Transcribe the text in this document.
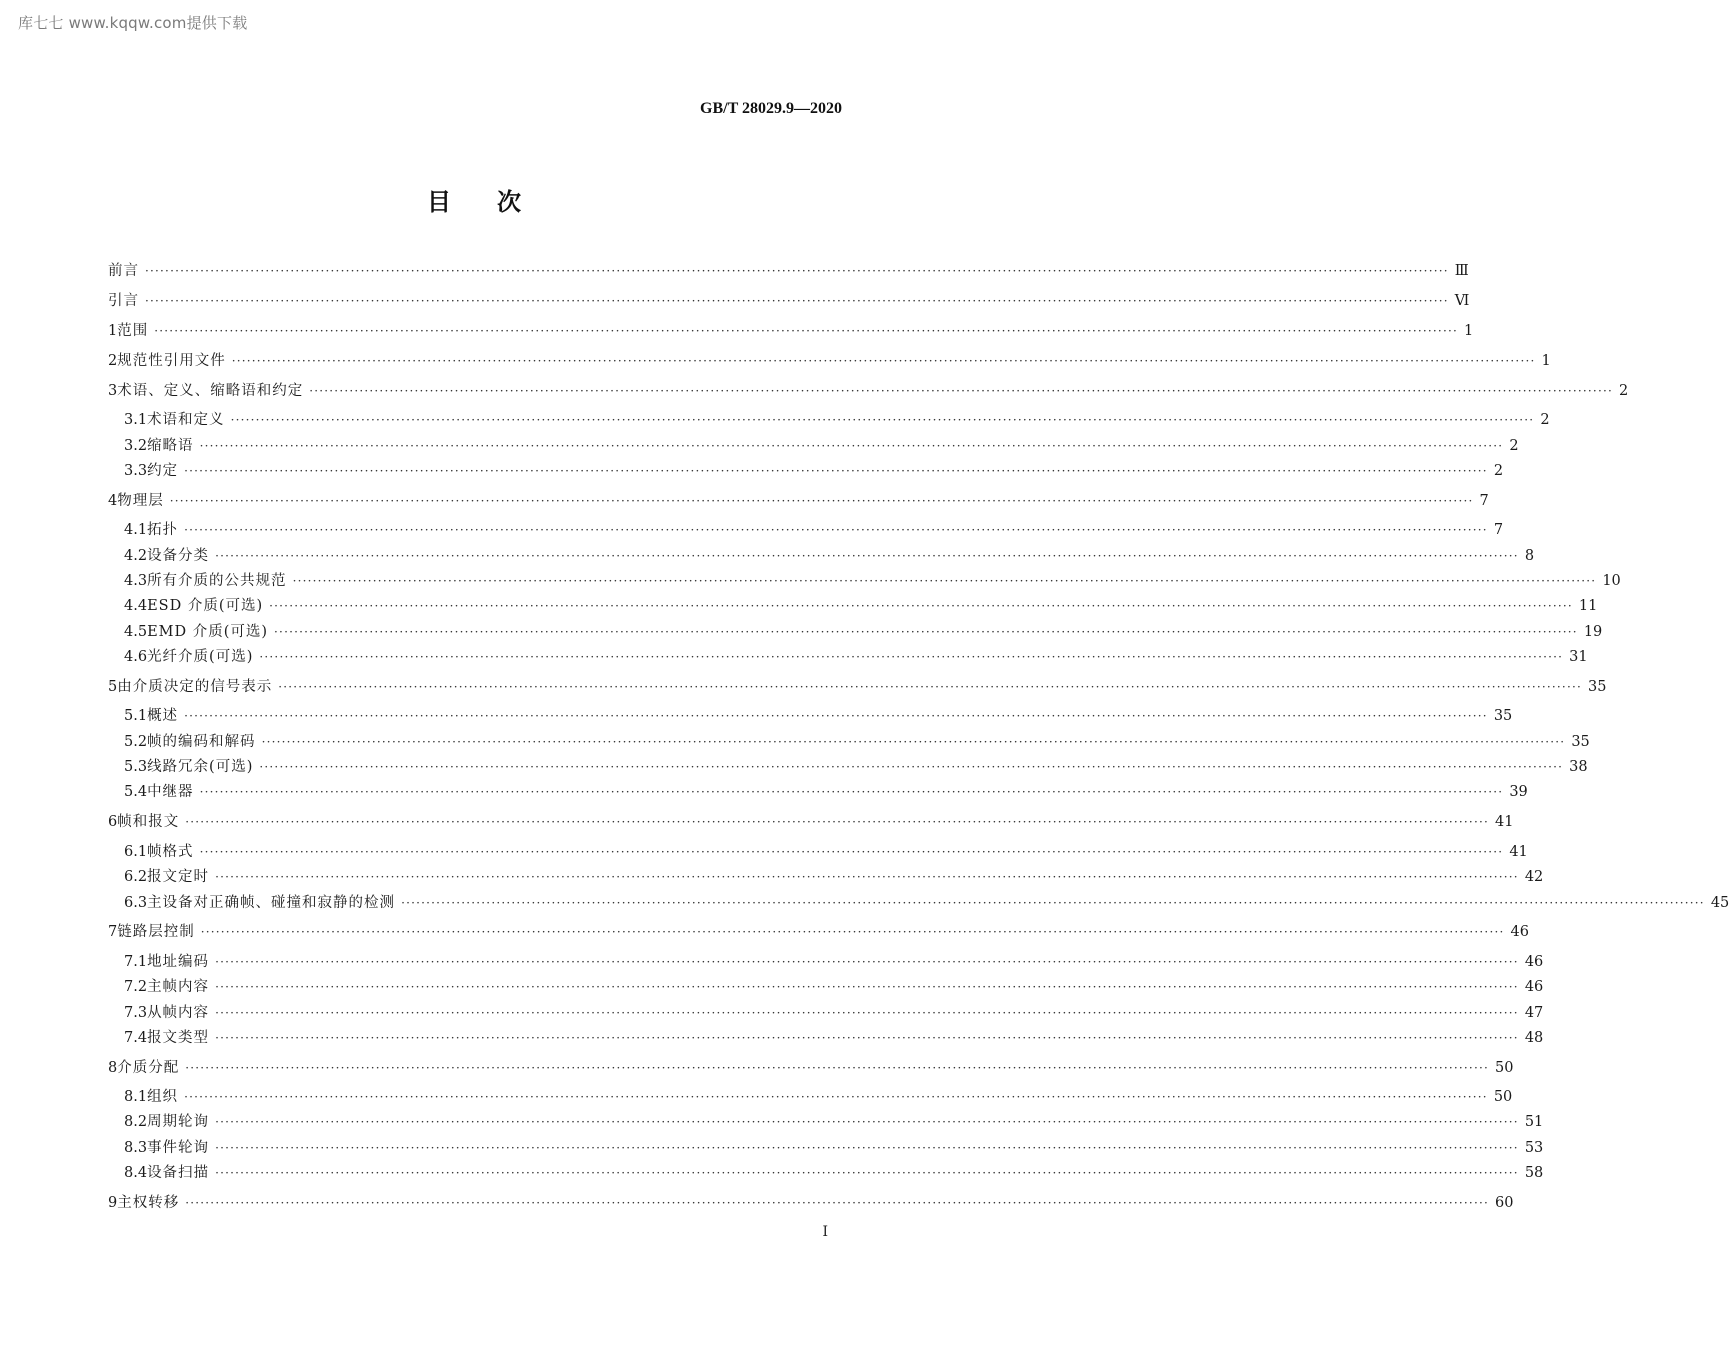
库七七 www.kqqw.com提供下载
GB/T 28029.9—2020
目 次
前言 ···································································································································································································································································· Ⅲ
引言 ···································································································································································································································································· Ⅵ
1 范围 ···································································································································································································································································· 1
2 规范性引用文件 ···································································································································································································································································· 1
3 术语、定义、缩略语和约定 ···································································································································································································································································· 2
3.1 术语和定义 ···································································································································································································································································· 2
3.2 缩略语 ···································································································································································································································································· 2
3.3 约定 ···································································································································································································································································· 2
4 物理层 ···································································································································································································································································· 7
4.1 拓扑 ···································································································································································································································································· 7
4.2 设备分类 ···································································································································································································································································· 8
4.3 所有介质的公共规范 ···································································································································································································································································· 10
4.4 ESD 介质(可选) ···································································································································································································································································· 11
4.5 EMD 介质(可选) ···································································································································································································································································· 19
4.6 光纤介质(可选) ···································································································································································································································································· 31
5 由介质决定的信号表示 ···································································································································································································································································· 35
5.1 概述 ···································································································································································································································································· 35
5.2 帧的编码和解码 ···································································································································································································································································· 35
5.3 线路冗余(可选) ···································································································································································································································································· 38
5.4 中继器 ···································································································································································································································································· 39
6 帧和报文 ···································································································································································································································································· 41
6.1 帧格式 ···································································································································································································································································· 41
6.2 报文定时 ···································································································································································································································································· 42
6.3 主设备对正确帧、碰撞和寂静的检测 ···································································································································································································································································· 45
7 链路层控制 ···································································································································································································································································· 46
7.1 地址编码 ···································································································································································································································································· 46
7.2 主帧内容 ···································································································································································································································································· 46
7.3 从帧内容 ···································································································································································································································································· 47
7.4 报文类型 ···································································································································································································································································· 48
8 介质分配 ···································································································································································································································································· 50
8.1 组织 ···································································································································································································································································· 50
8.2 周期轮询 ···································································································································································································································································· 51
8.3 事件轮询 ···································································································································································································································································· 53
8.4 设备扫描 ···································································································································································································································································· 58
9 主权转移 ···································································································································································································································································· 60
I
